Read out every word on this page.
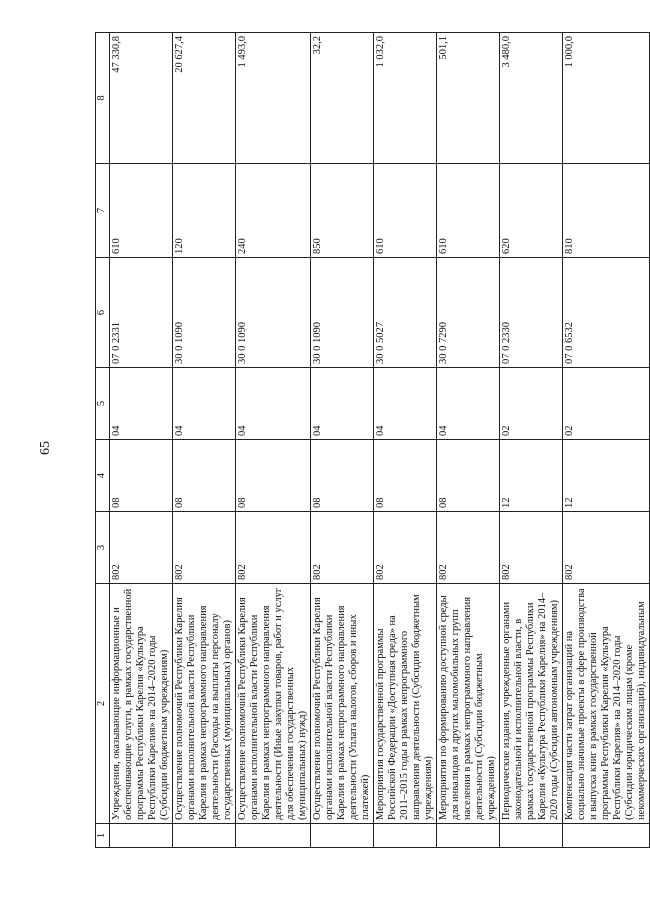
65
1	2	3	4	5	6	7	8
	Учреждения, оказывающие информационные и обеспечивающие услуги, в рамках государственной программы Республики Карелия «Культура Республики Карелия» на 2014–2020 годы (Субсидии бюджетным учреждениям)	802	08	04	07 0 2331	610	47 330,8
	Осуществление полномочий Республики Карелия органами исполнительной власти Республики Карелия в рамках непрограммного направления деятельности (Расходы на выплаты персоналу государственных (муниципальных) органов)	802	08	04	30 0 1090	120	20 627,4
	Осуществление полномочий Республики Карелия органами исполнительной власти Республики Карелия в рамках непрограммного направления деятельности (Иные закупки товаров, работ и услуг для обеспечения государственных (муниципальных) нужд)	802	08	04	30 0 1090	240	1 493,0
	Осуществление полномочий Республики Карелия органами исполнительной власти Республики Карелия в рамках непрограммного направления деятельности (Уплата налогов, сборов и иных платежей)	802	08	04	30 0 1090	850	32,2
	Мероприятия государственной программы Российской Федерации «Доступная среда» на 2011–2015 годы в рамках непрограммного направления деятельности (Субсидии бюджетным учреждениям)	802	08	04	30 0 5027	610	1 032,0
	Мероприятия по формированию доступной среды для инвалидов и других маломобильных групп населения в рамках непрограммного направления деятельности (Субсидии бюджетным учреждениям)	802	08	04	30 0 7290	610	501,1
	Периодические издания, учрежденные органами законодательной и исполнительной власти, в рамках государственной программы Республики Карелия «Культура Республики Карелия» на 2014–2020 годы (Субсидии автономным учреждениям)	802	12	02	07 0 2330	620	3 480,0
	Компенсация части затрат организаций на социально значимые проекты в сфере производства и выпуска книг в рамках государственной программы Республики Карелия «Культура Республики Карелия» на 2014–2020 годы (Субсидии юридическим лицам (кроме некоммерческих организаций), индивидуальным	802	12	02	07 0 6532	810	1 000,0
